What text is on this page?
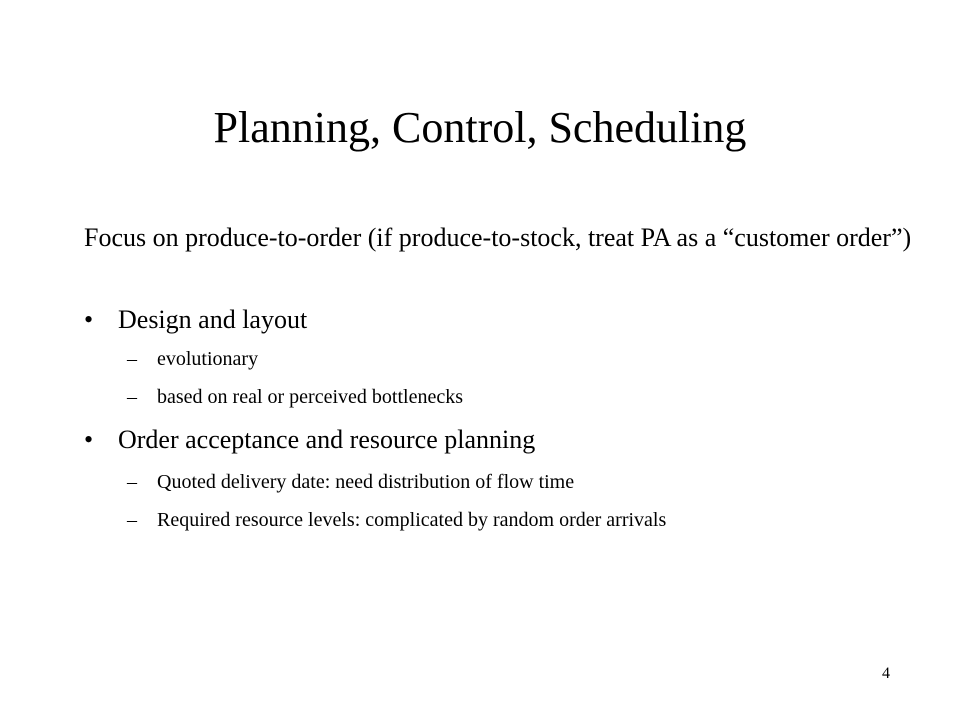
Planning, Control, Scheduling

Focus on produce-to-order (if produce-to-stock, treat PA as a “customer order”)

• Design and layout
–	evolutionary
–	based on real or perceived bottlenecks
• Order acceptance and resource planning
–	Quoted delivery date: need distribution of flow time
–	Required resource levels: complicated by random order arrivals
4
